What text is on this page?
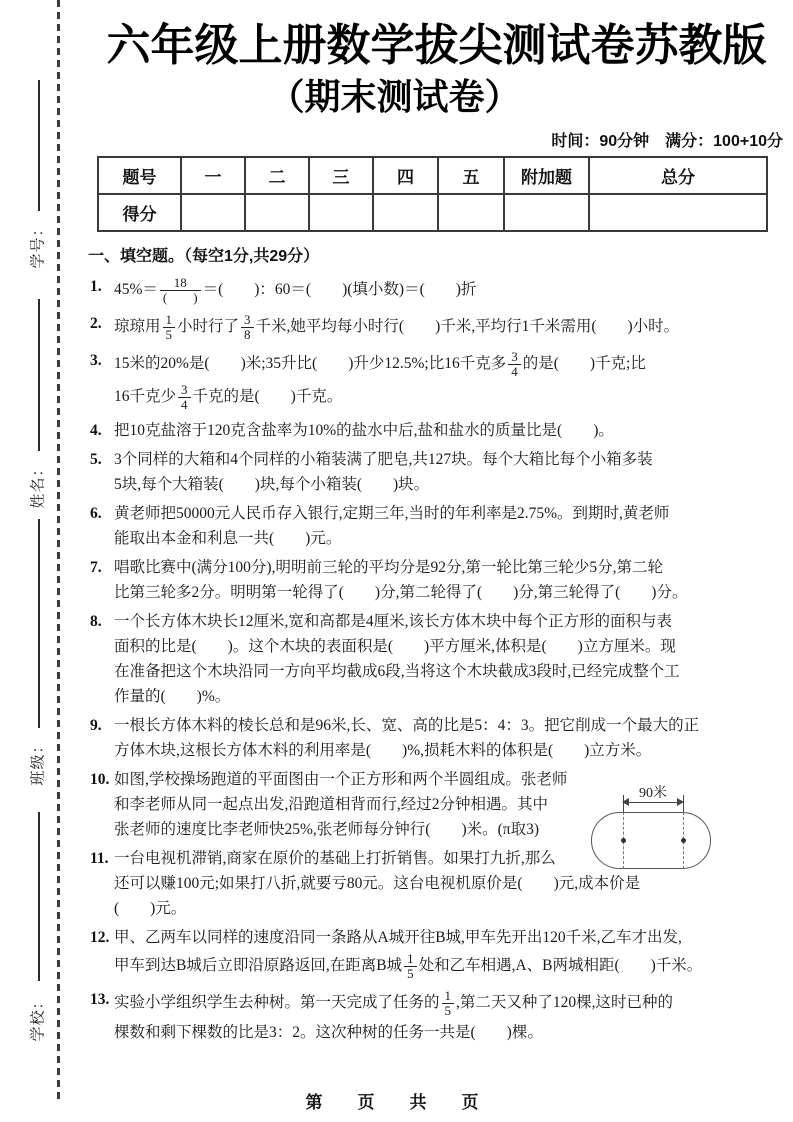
学号：
姓名：
班级：
学校：
六年级上册数学拔尖测试卷苏教版
（期末测试卷）
时间：90分钟　满分：100+10分
题号	一	二	三	四	五	附加题	总分
得分							
一、填空题。（每空1分,共29分）
1. $45\%= \frac{18}{( )}$ ＝(　　)：60＝(　　)(填小数)＝(　　)折
2. 琼琼用 $\frac{1}{5}$ 小时行了 $\frac{3}{8}$ 千米,她平均每小时行(　　)千米,平均行1千米需用(　　)小时。
3. 15米的20%是(　　)米;35升比(　　)升少12.5%;比16千克多 $\frac{3}{4}$ 的是(　　)千克;比
16千克少 $\frac{3}{4}$ 千克的是(　　)千克。
4. 把10克盐溶于120克含盐率为10%的盐水中后,盐和盐水的质量比是(　　)。
5. 3个同样的大箱和4个同样的小箱装满了肥皂,共127块。每个大箱比每个小箱多装
5块,每个大箱装(　　)块,每个小箱装(　　)块。
6. 黄老师把50000元人民币存入银行,定期三年,当时的年利率是2.75%。到期时,黄老师
能取出本金和利息一共(　　)元。
7. 唱歌比赛中(满分100分),明明前三轮的平均分是92分,第一轮比第三轮少5分,第二轮
比第三轮多2分。明明第一轮得了(　　)分,第二轮得了(　　)分,第三轮得了(　　)分。
8. 一个长方体木块长12厘米,宽和高都是4厘米,该长方体木块中每个正方形的面积与表
面积的比是(　　)。这个木块的表面积是(　　)平方厘米,体积是(　　)立方厘米。现
在准备把这个木块沿同一方向平均截成6段,当将这个木块截成3段时,已经完成整个工
作量的(　　)%。
9. 一根长方体木料的棱长总和是96米,长、宽、高的比是5：4：3。把它削成一个最大的正
方体木块,这根长方体木料的利用率是(　　)%,损耗木料的体积是(　　)立方米。
10. 如图,学校操场跑道的平面图由一个正方形和两个半圆组成。张老师
和李老师从同一起点出发,沿跑道相背而行,经过2分钟相遇。其中
张老师的速度比李老师快25%,张老师每分钟行(　　)米。(π取3)
11. 一台电视机滞销,商家在原价的基础上打折销售。如果打九折,那么
还可以赚100元;如果打八折,就要亏80元。这台电视机原价是(　　)元,成本价是
(　　)元。
12. 甲、乙两车以同样的速度沿同一条路从A城开往B城,甲车先开出120千米,乙车才出发,
甲车到达B城后立即沿原路返回,在距离B城 $\frac{1}{5}$ 处和乙车相遇,A、B两城相距(　　)千米。
13. 实验小学组织学生去种树。第一天完成了任务的 $\frac{1}{5}$ ,第二天又种了120棵,这时已种的
棵数和剩下棵数的比是3：2。这次种树的任务一共是(　　)棵。
90米
第　页　共　页
